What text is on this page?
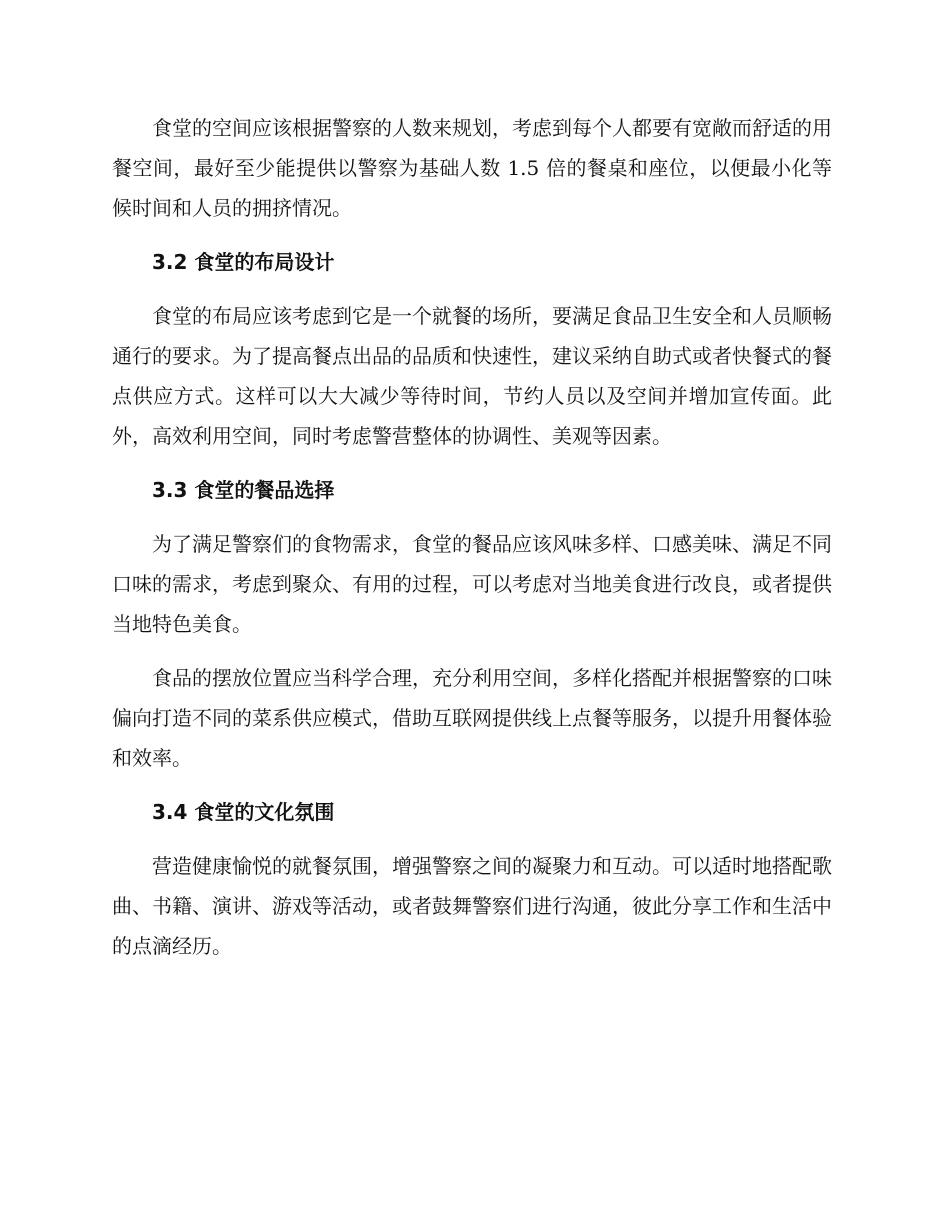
食堂的空间应该根据警察的人数来规划，考虑到每个人都要有宽敞而舒适的用餐空间，最好至少能提供以警察为基础人数 1.5 倍的餐桌和座位，以便最小化等候时间和人员的拥挤情况。

3.2 食堂的布局设计

食堂的布局应该考虑到它是一个就餐的场所，要满足食品卫生安全和人员顺畅通行的要求。为了提高餐点出品的品质和快速性，建议采纳自助式或者快餐式的餐点供应方式。这样可以大大减少等待时间，节约人员以及空间并增加宣传面。此外，高效利用空间，同时考虑警营整体的协调性、美观等因素。

3.3 食堂的餐品选择

为了满足警察们的食物需求，食堂的餐品应该风味多样、口感美味、满足不同口味的需求，考虑到聚众、有用的过程，可以考虑对当地美食进行改良，或者提供当地特色美食。

食品的摆放位置应当科学合理，充分利用空间，多样化搭配并根据警察的口味偏向打造不同的菜系供应模式，借助互联网提供线上点餐等服务，以提升用餐体验和效率。

3.4 食堂的文化氛围

营造健康愉悦的就餐氛围，增强警察之间的凝聚力和互动。可以适时地搭配歌曲、书籍、演讲、游戏等活动，或者鼓舞警察们进行沟通，彼此分享工作和生活中的点滴经历。
